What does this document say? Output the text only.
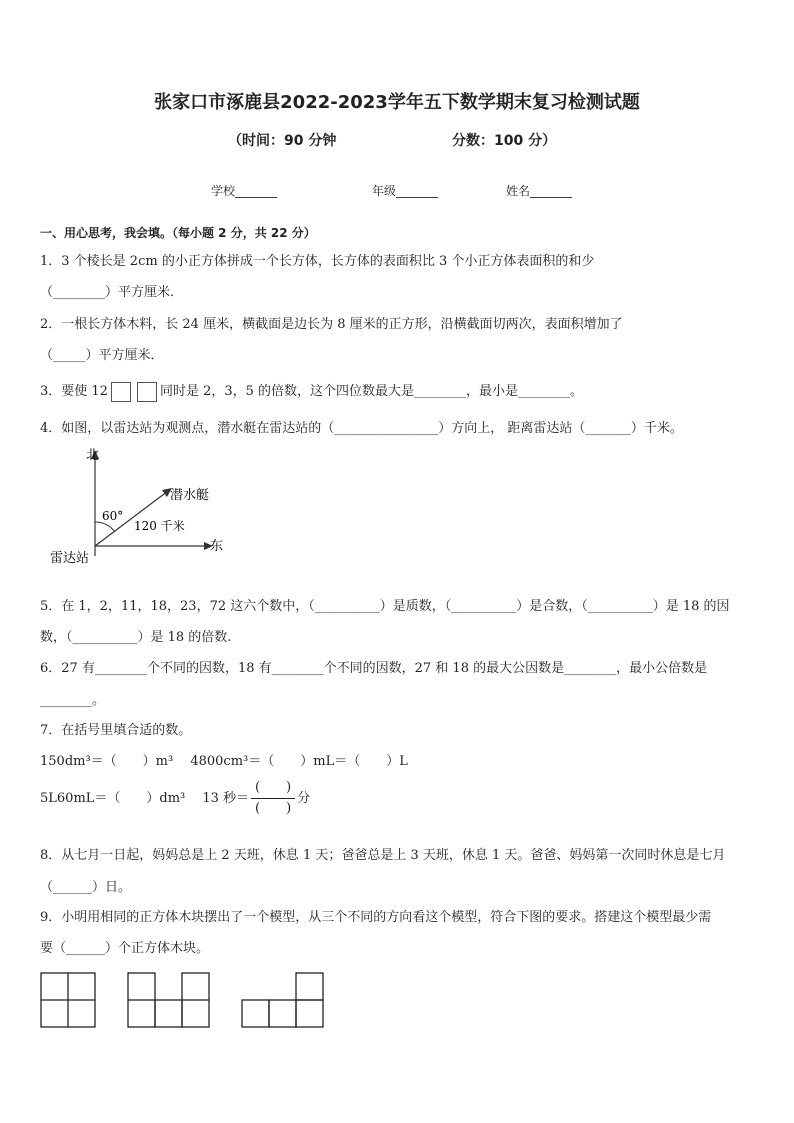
张家口市涿鹿县2022-2023学年五下数学期末复习检测试题
（时间：90 分钟	分数：100 分）
学校_______	年级_______	姓名_______
一、用心思考，我会填。（每小题 2 分，共 22 分）
1．3 个棱长是 2cm 的小正方体拼成一个长方体，长方体的表面积比 3 个小正方体表面积的和少
（________）平方厘米．
2．一根长方体木料，长 24 厘米，横截面是边长为 8 厘米的正方形，沿横截面切两次，表面积增加了
（_____）平方厘米．
3．要使 12	同时是 2，3，5 的倍数，这个四位数最大是________，最小是________。
4．如图，以雷达站为观测点，潜水艇在雷达站的（________________）方向上， 距离雷达站（_______）千米。
北
东
雷达站
潜水艇
60°
120 千米
5．在 1，2，11，18，23，72 这六个数中，（__________）是质数，（__________）是合数，（__________）是 18 的因
数，（__________）是 18 的倍数.
6．27 有________个不同的因数，18 有________个不同的因数，27 和 18 的最大公因数是________，最小公倍数是
________。
7．在括号里填合适的数。
150dm³＝（　　）m³　 4800cm³＝（　　）mL＝（　　）L
5L60mL＝（　　）dm³　 13 秒＝ $\frac{( )}{( )}$ 分
8．从七月一日起，妈妈总是上 2 天班，休息 1 天；爸爸总是上 3 天班，休息 1 天。爸爸、妈妈第一次同时休息是七月
（______）日。
9．小明用相同的正方体木块摆出了一个模型，从三个不同的方向看这个模型，符合下图的要求。搭建这个模型最少需
要（______）个正方体木块。
